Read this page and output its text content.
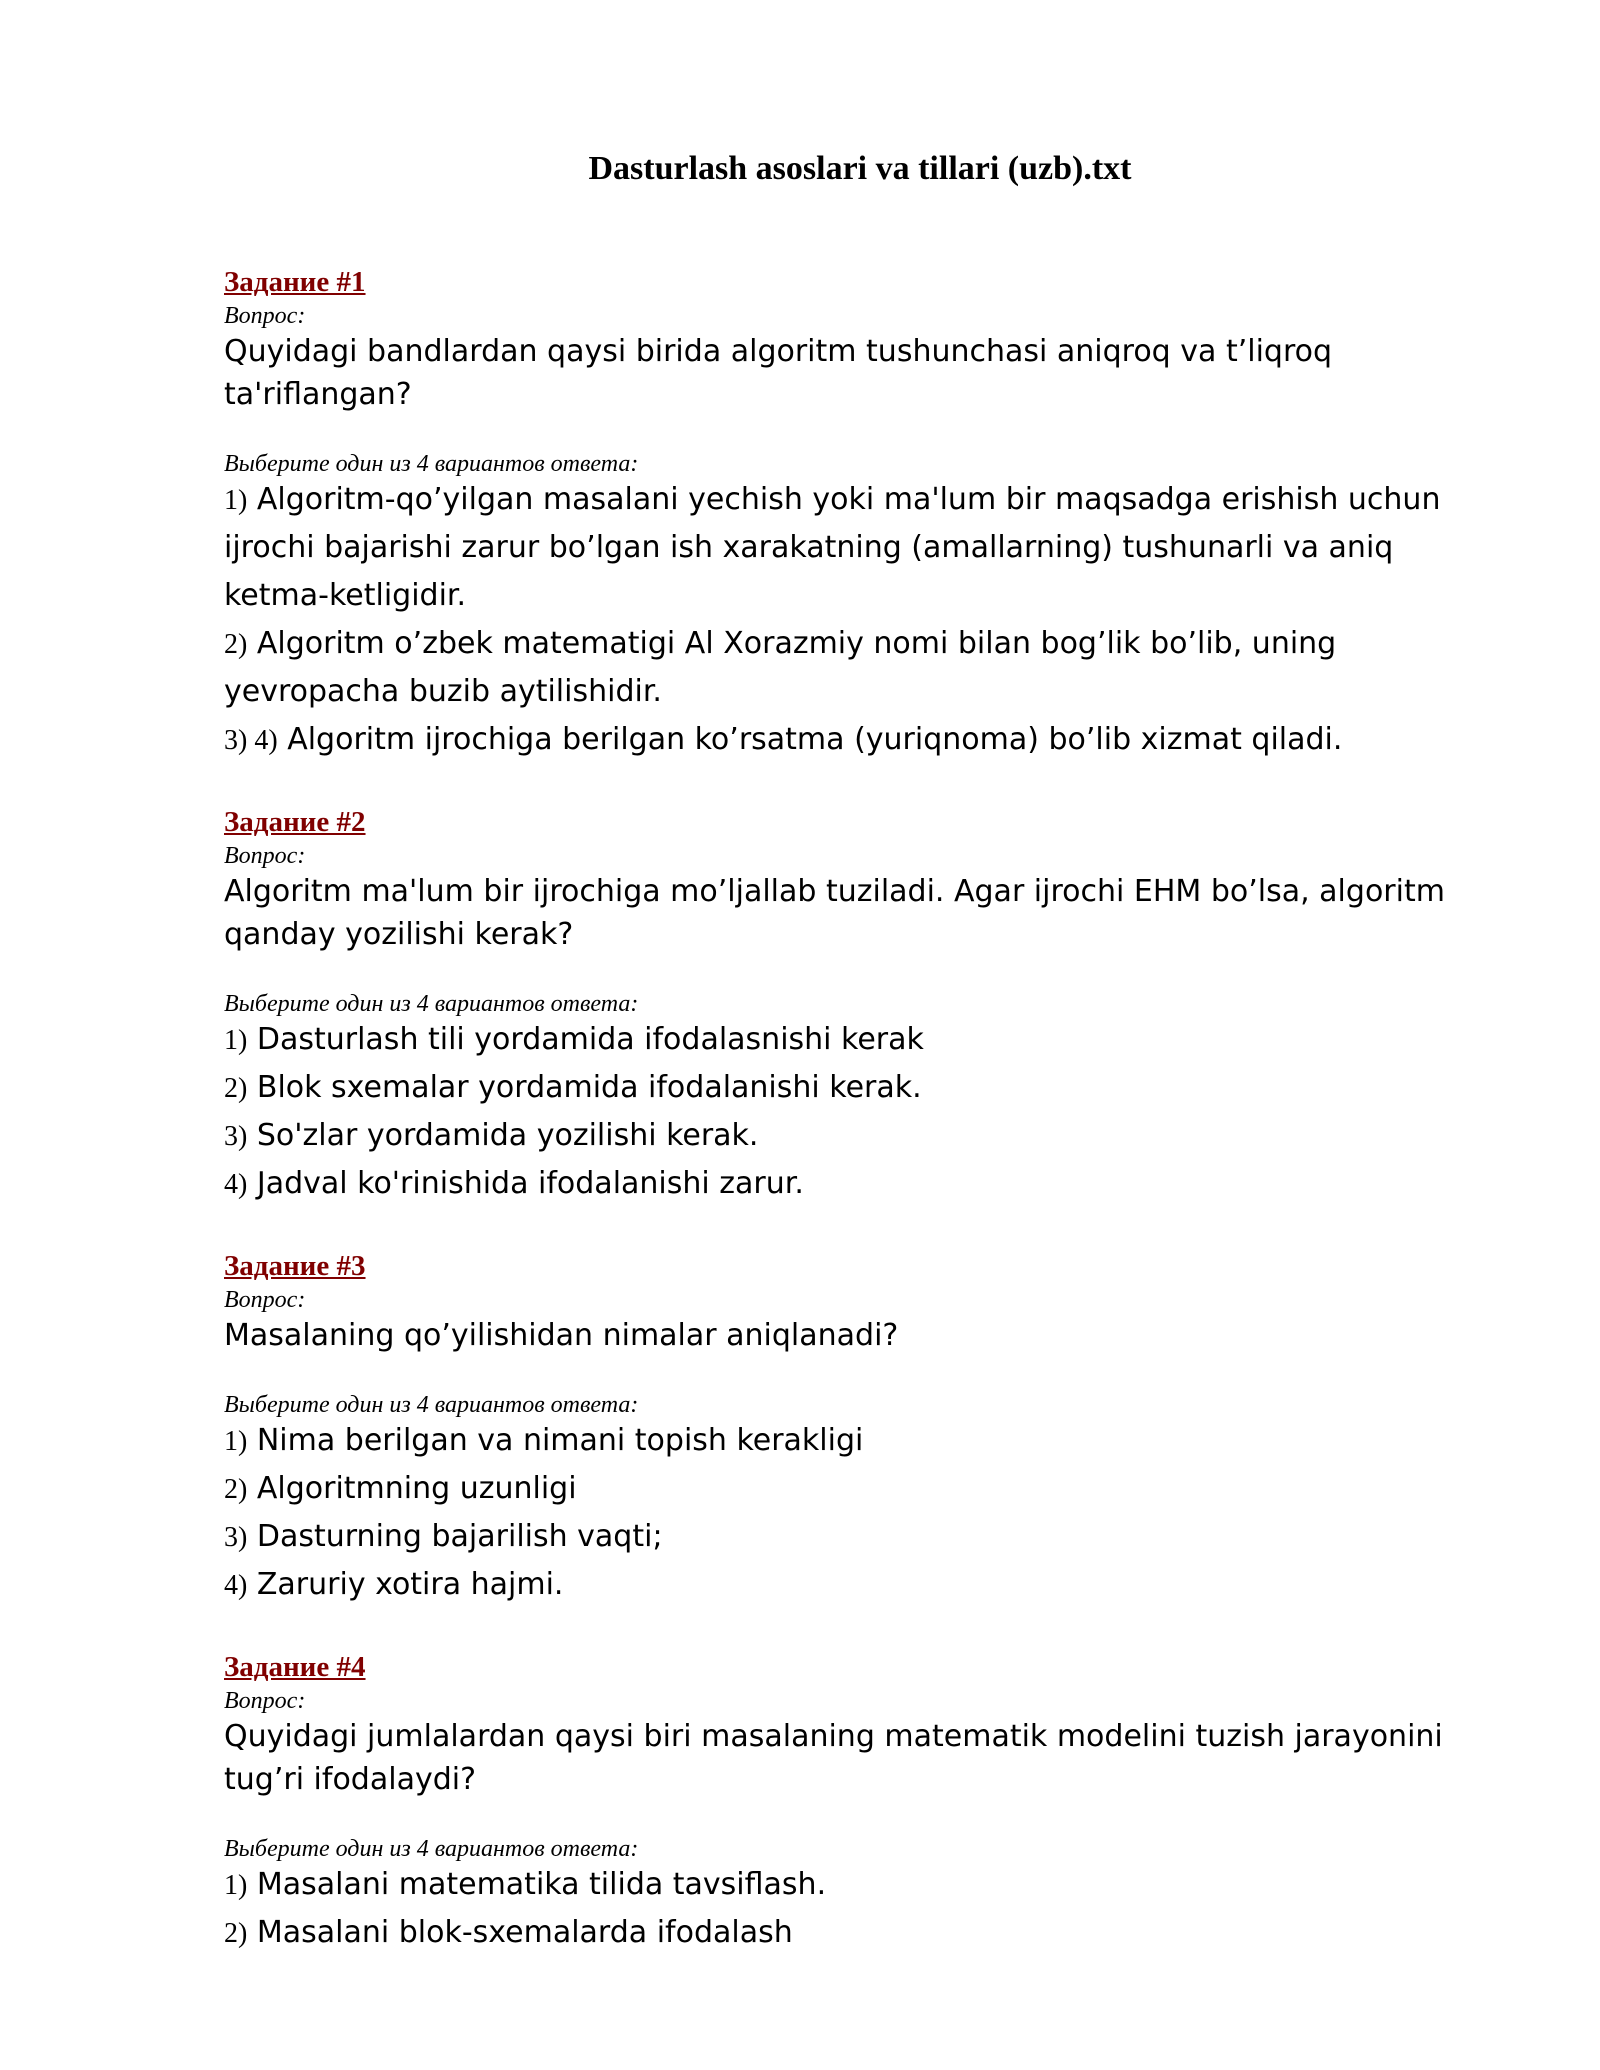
Dasturlash asoslari va tillari (uzb).txt

Задание #1

Вопрос:

Quyidagi bandlardan qaysi birida algoritm tushunchasi aniqroq va t’liqroq ta'riflangan?

Выберите один из 4 вариантов ответа:

1) Algoritm-qo’yilgan masalani yechish yoki ma'lum bir maqsadga erishish uchun ijrochi bajarishi zarur bo’lgan ish xarakatning (amallarning) tushunarli va aniq ketma-ketligidir.
2) Algoritm o’zbek matematigi Al Xorazmiy nomi bilan bog’lik bo’lib, uning yevropacha buzib aytilishidir.
3) 4) Algoritm ijrochiga berilgan ko’rsatma (yuriqnoma) bo’lib xizmat qiladi.

Задание #2

Вопрос:

Algoritm ma'lum bir ijrochiga mo’ljallab tuziladi. Agar ijrochi EHM bo’lsa, algoritm qanday yozilishi kerak?

Выберите один из 4 вариантов ответа:

1) Dasturlash tili yordamida ifodalasnishi kerak
2) Blok sxemalar yordamida ifodalanishi kerak.
3) So'zlar yordamida yozilishi kerak.
4) Jadval ko'rinishida ifodalanishi zarur.

Задание #3

Вопрос:

Masalaning qo’yilishidan nimalar aniqlanadi?

Выберите один из 4 вариантов ответа:

1) Nima berilgan va nimani topish kerakligi
2) Algoritmning uzunligi
3) Dasturning bajarilish vaqti;
4) Zaruriy xotira hajmi.

Задание #4

Вопрос:

Quyidagi jumlalardan qaysi biri masalaning matematik modelini tuzish jarayonini tug’ri ifodalaydi?

Выберите один из 4 вариантов ответа:

1) Masalani matematika tilida tavsiflash.
2) Masalani blok-sxemalarda ifodalash
